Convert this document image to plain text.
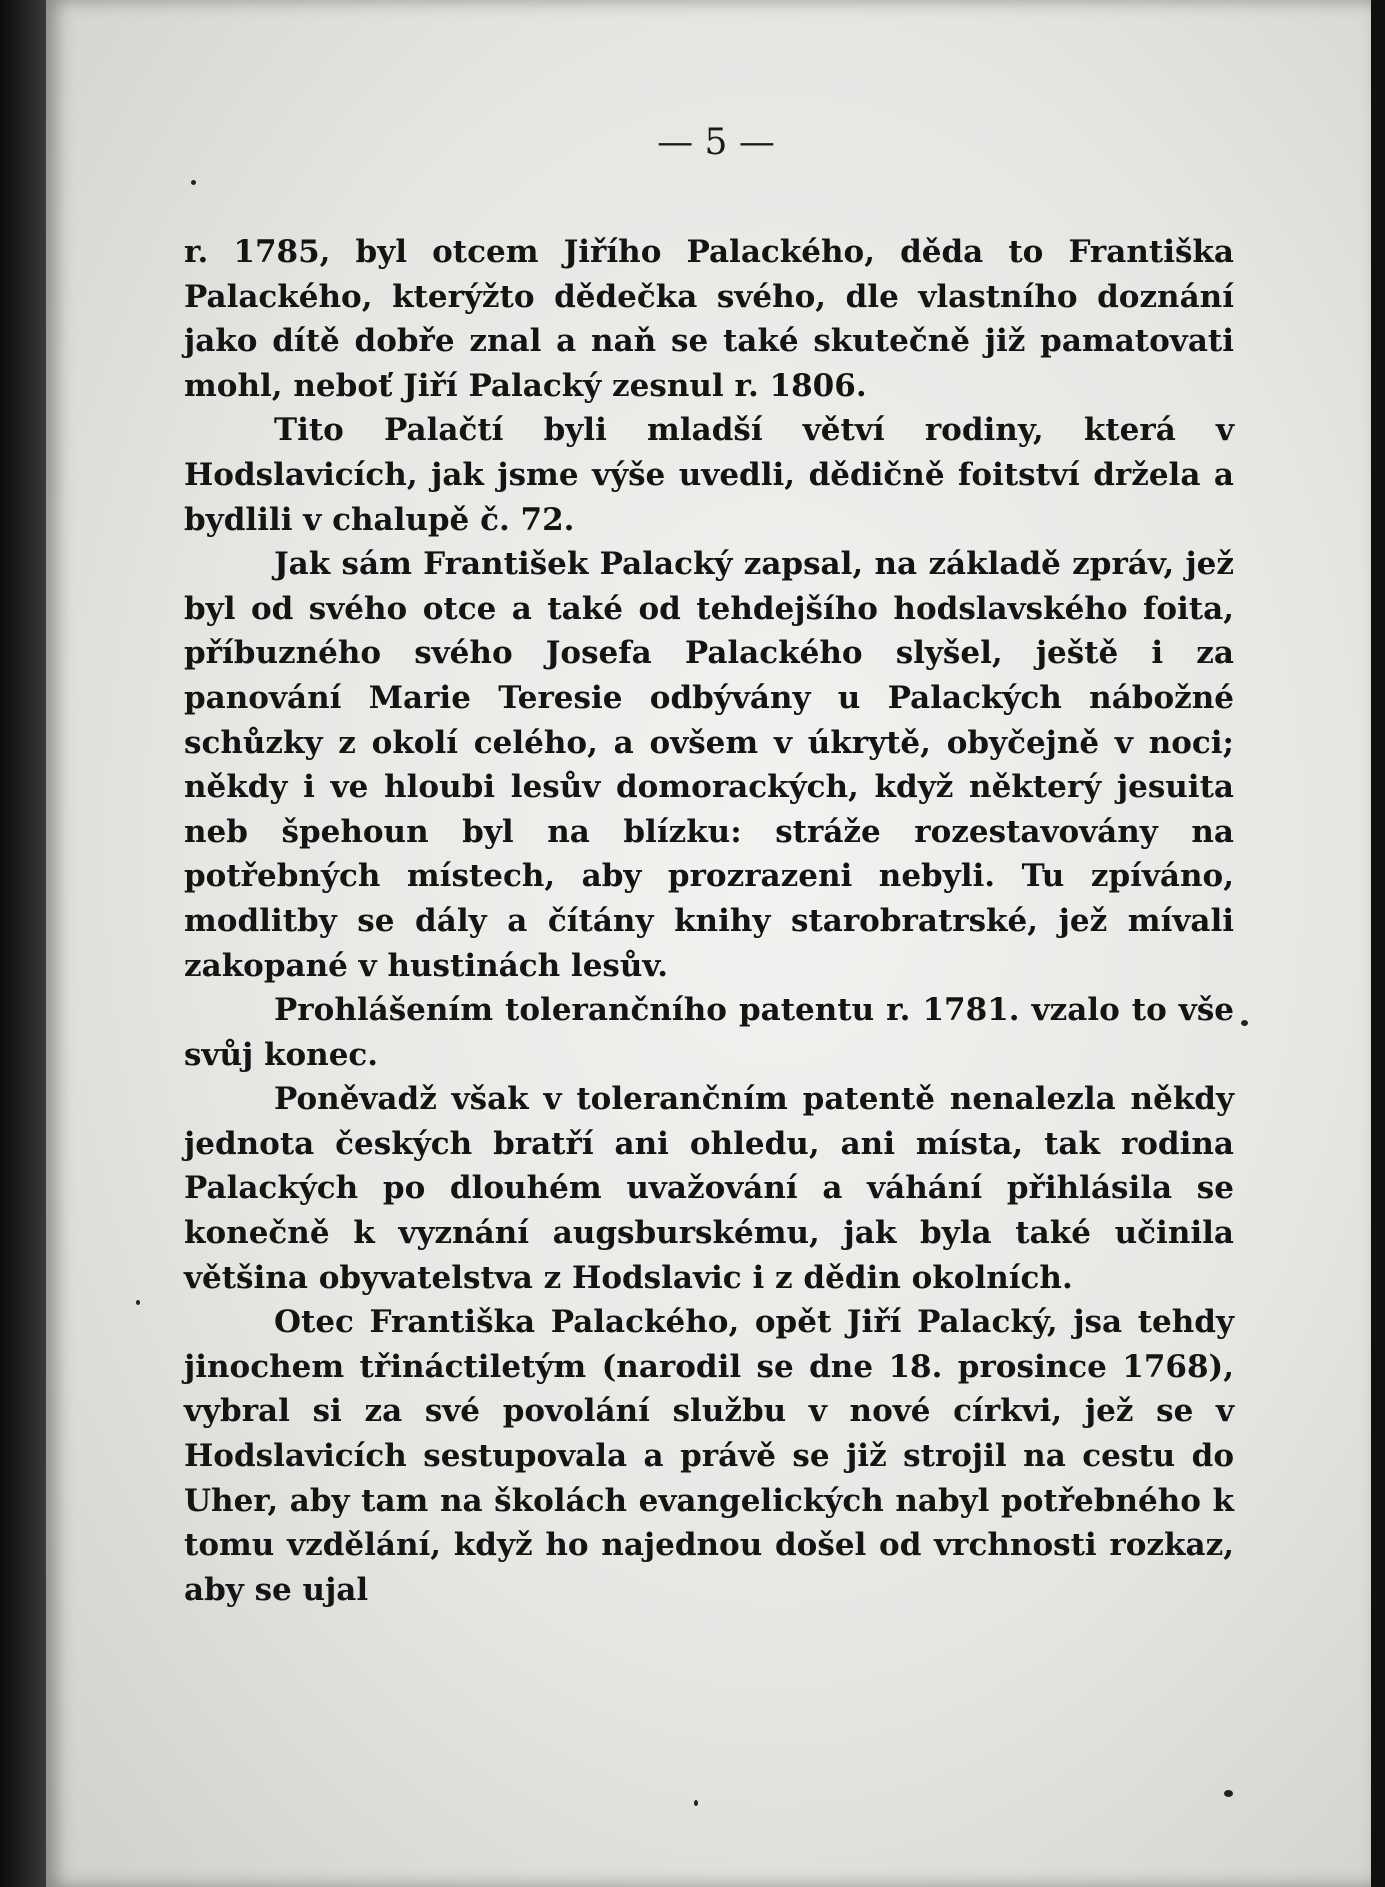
— 5 —

r. 1785, byl otcem Jiřího Palackého, děda to Františka Palackého, kterýžto dědečka svého, dle vlastního doznání jako dítě dobře znal a naň se také skutečně již pamatovati mohl, neboť Jiří Palacký zesnul r. 1806.

Tito Palačtí byli mladší větví rodiny, která v Hodslavicích, jak jsme výše uvedli, dědičně foitství držela a bydlili v chalupě č. 72.

Jak sám František Palacký zapsal, na základě zpráv, jež byl od svého otce a také od tehdejšího hodslavského foita, příbuzného svého Josefa Palackého slyšel, ještě i za panování Marie Teresie odbývány u Palackých nábožné schůzky z okolí celého, a ovšem v úkrytě, obyčejně v noci; někdy i ve hloubi lesův domorackých, když některý jesuita neb špehoun byl na blízku: stráže rozestavovány na potřebných místech, aby prozrazeni nebyli. Tu zpíváno, modlitby se dály a čítány knihy starobratrské, jež mívali zakopané v hustinách lesův.

Prohlášením tolerančního patentu r. 1781. vzalo to vše svůj konec.

Poněvadž však v tolerančním patentě nenalezla někdy jednota českých bratří ani ohledu, ani místa, tak rodina Palackých po dlouhém uvažování a váhání přihlásila se konečně k vyznání augsburskému, jak byla také učinila většina obyvatelstva z Hodslavic i z dědin okolních.

Otec Františka Palackého, opět Jiří Palacký, jsa tehdy jinochem třináctiletým (narodil se dne 18. prosince 1768), vybral si za své povolání službu v nové církvi, jež se v Hodslavicích sestupovala a právě se již strojil na cestu do Uher, aby tam na školách evangelických nabyl potřebného k tomu vzdělání, když ho najednou došel od vrchnosti rozkaz, aby se ujal
